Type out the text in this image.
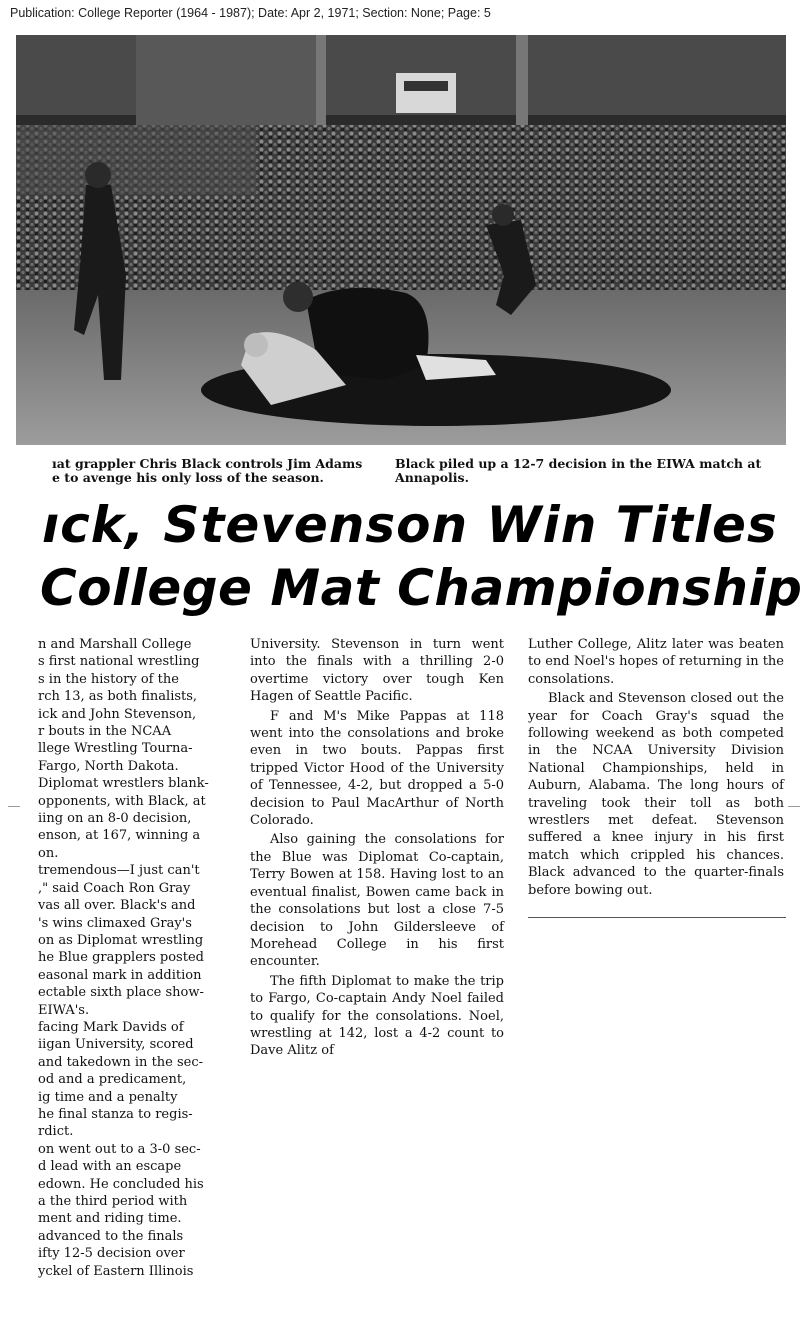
Publication: College Reporter (1964 - 1987); Date: Apr 2, 1971; Section: None; Page: 5
ıat grappler Chris Black controls Jim Adams
e to avenge his only loss of the season.
Black piled up a 12-7 decision in the EIWA match at
Annapolis.
ıck, Stevenson Win Titles
College Mat Championship

n and Marshall College

s first national wrestling

s in the history of the

rch 13, as both finalists,

ick and John Stevenson,

r bouts in the NCAA

llege Wrestling Tourna-

Fargo, North Dakota.

Diplomat wrestlers blank-

opponents, with Black, at

iing on an 8-0 decision,

enson, at 167, winning a

on.

tremendous—I just can't

," said Coach Ron Gray

vas all over. Black's and

's wins climaxed Gray's

on as Diplomat wrestling

he Blue grapplers posted

easonal mark in addition

ectable sixth place show-

EIWA's.

facing Mark Davids of

iigan University, scored

and takedown in the sec-

od and a predicament,

ig time and a penalty

he final stanza to regis-

rdict.

on went out to a 3-0 sec-

d lead with an escape

edown. He concluded his

a the third period with

ment and riding time.

advanced to the finals

ifty 12-5 decision over

yckel of Eastern Illinois

University. Stevenson in turn went into the finals with a thrilling 2-0 overtime victory over tough Ken Hagen of Seattle Pacific.

F and M's Mike Pappas at 118 went into the consolations and broke even in two bouts. Pappas first tripped Victor Hood of the University of Tennessee, 4-2, but dropped a 5-0 decision to Paul MacArthur of North Colorado.

Also gaining the consolations for the Blue was Diplomat Co-captain, Terry Bowen at 158. Having lost to an eventual finalist, Bowen came back in the consolations but lost a close 7-5 decision to John Gildersleeve of Morehead College in his first encounter.

The fifth Diplomat to make the trip to Fargo, Co-captain Andy Noel failed to qualify for the consolations. Noel, wrestling at 142, lost a 4-2 count to Dave Alitz of

Luther College, Alitz later was beaten to end Noel's hopes of returning in the consolations.

Black and Stevenson closed out the year for Coach Gray's squad the following weekend as both competed in the NCAA University Division National Championships, held in Auburn, Alabama. The long hours of traveling took their toll as both wrestlers met defeat. Stevenson suffered a knee injury in his first match which crippled his chances. Black advanced to the quarter-finals before bowing out.
